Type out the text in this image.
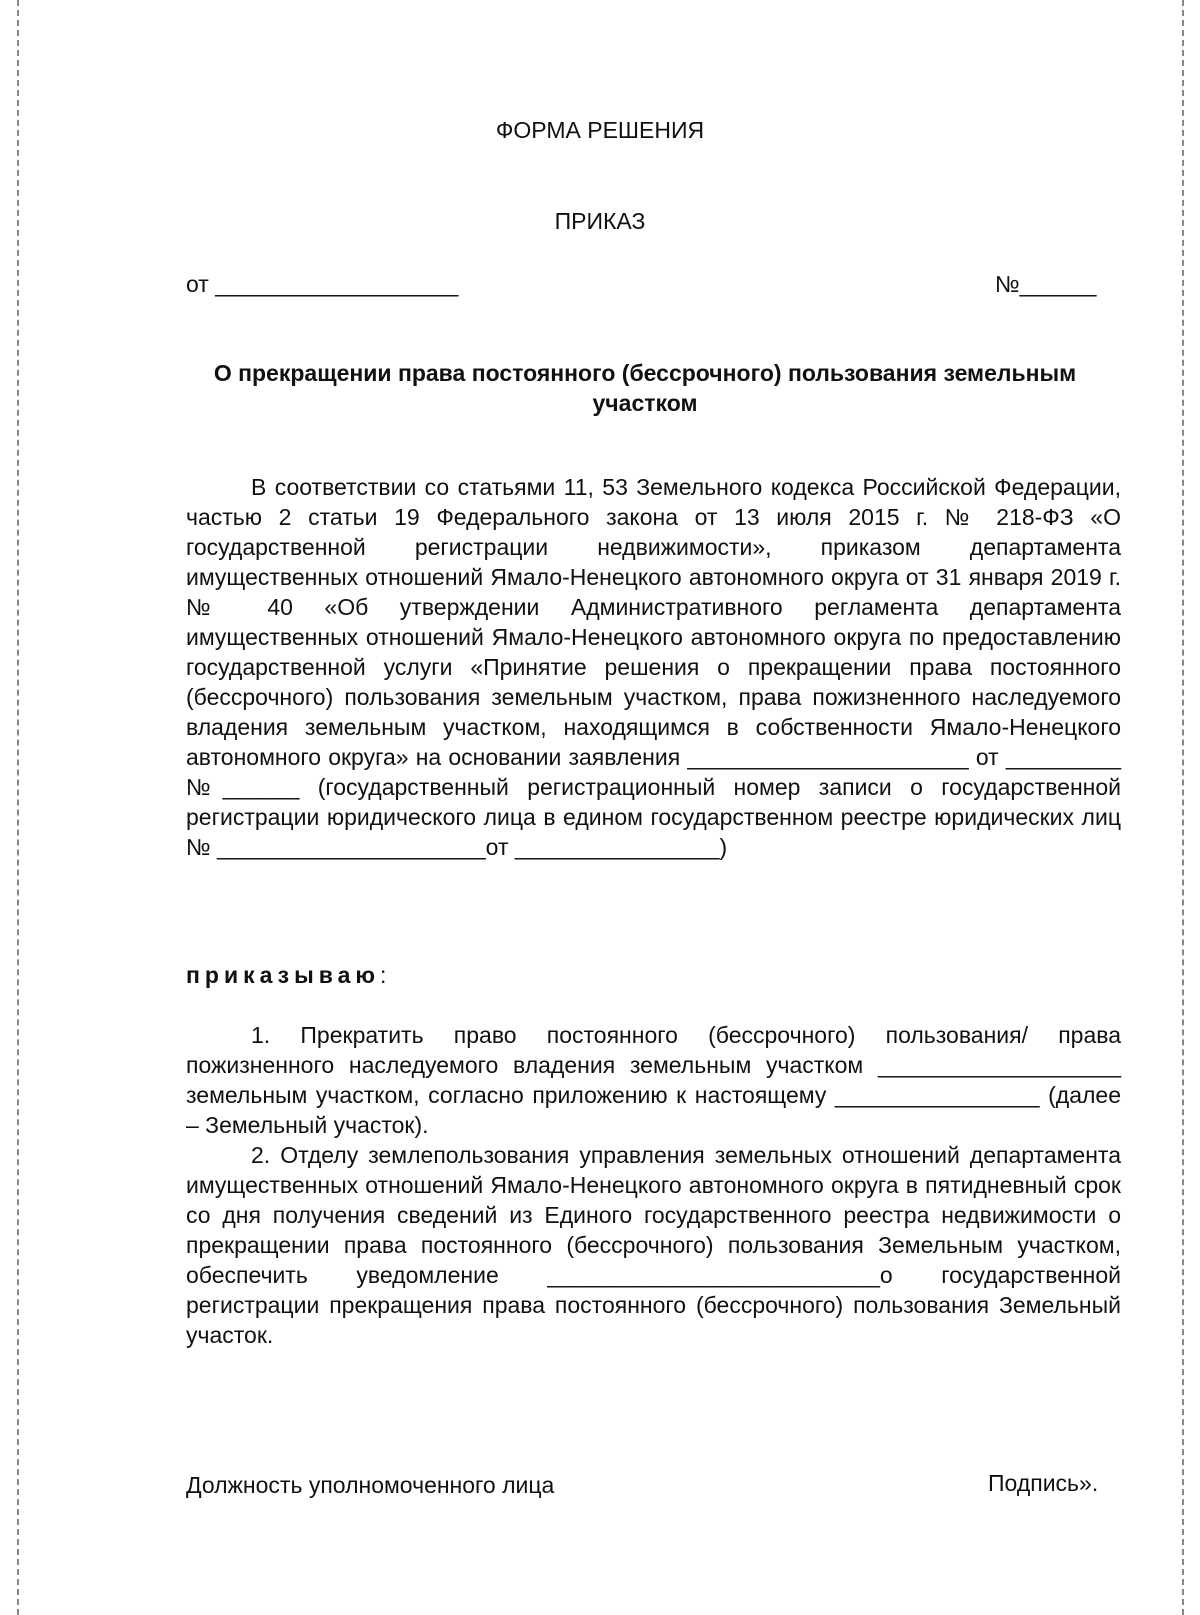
ФОРМА РЕШЕНИЯ
ПРИКАЗ
от ___________________	№______
О прекращении права постоянного (бессрочного) пользования земельным участком

В соответствии со статьями 11, 53 Земельного кодекса Российской Федерации, частью 2 статьи 19 Федерального закона от 13 июля 2015 г. № 218-ФЗ «О государственной регистрации недвижимости», приказом департамента имущественных отношений Ямало-Ненецкого автономного округа от 31 января 2019 г. № 40 «Об утверждении Административного регламента департамента имущественных отношений Ямало-Ненецкого автономного округа по предоставлению государственной услуги «Принятие решения о прекращении права постоянного (бессрочного) пользования земельным участком, права пожизненного наследуемого владения земельным участком, находящимся в собственности Ямало-Ненецкого автономного округа» на основании заявления ______________________ от _________ №______ (государственный регистрационный номер записи о государственной регистрации юридического лица в едином государственном реестре юридических лиц № _____________________от ________________)

приказываю:

1. Прекратить право постоянного (бессрочного) пользования/ права пожизненного наследуемого владения земельным участком ___________________ земельным участком, согласно приложению к настоящему ________________ (далее – Земельный участок).

2. Отделу землепользования управления земельных отношений департамента имущественных отношений Ямало-Ненецкого автономного округа в пятидневный срок со дня получения сведений из Единого государственного реестра недвижимости о прекращении права постоянного (бессрочного) пользования Земельным участком, обеспечить уведомление __________________________о государственной регистрации прекращения права постоянного (бессрочного) пользования Земельный участок.

Должность уполномоченного лица	Подпись».
